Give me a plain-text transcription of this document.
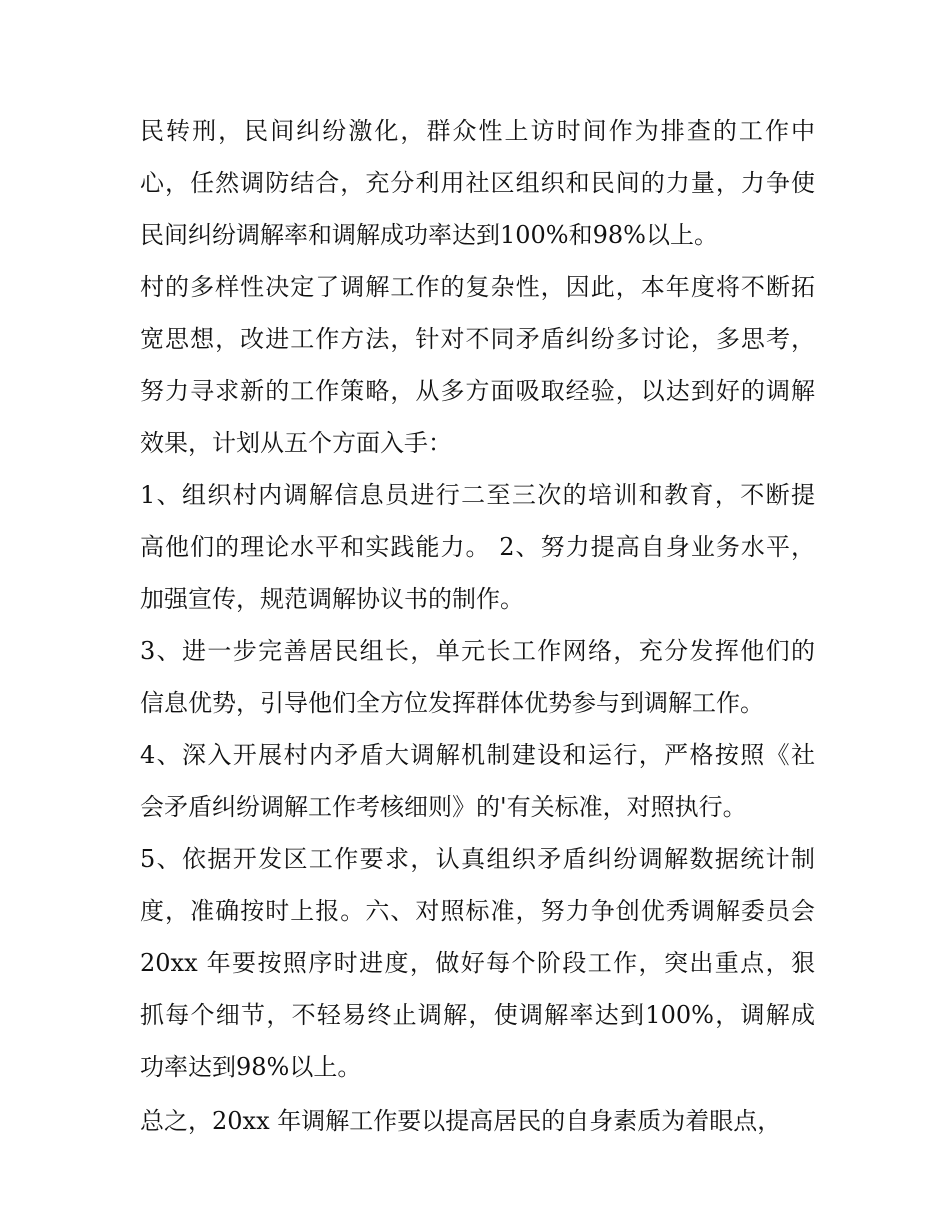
民转刑，民间纠纷激化，群众性上访时间作为排查的工作中
心，任然调防结合，充分利用社区组织和民间的力量，力争使
民间纠纷调解率和调解成功率达到100%和98%以上。
村的多样性决定了调解工作的复杂性，因此，本年度将不断拓
宽思想，改进工作方法，针对不同矛盾纠纷多讨论，多思考，
努力寻求新的工作策略，从多方面吸取经验，以达到好的调解
效果，计划从五个方面入手：
1、组织村内调解信息员进行二至三次的培训和教育，不断提
高他们的理论水平和实践能力。 2、努力提高自身业务水平，
加强宣传，规范调解协议书的制作。
3、进一步完善居民组长，单元长工作网络，充分发挥他们的
信息优势，引导他们全方位发挥群体优势参与到调解工作。
4、深入开展村内矛盾大调解机制建设和运行，严格按照《社
会矛盾纠纷调解工作考核细则》的'有关标准，对照执行。
5、依据开发区工作要求，认真组织矛盾纠纷调解数据统计制
度，准确按时上报。六、对照标准，努力争创优秀调解委员会
20xx 年要按照序时进度，做好每个阶段工作，突出重点，狠
抓每个细节，不轻易终止调解，使调解率达到100%，调解成
功率达到98%以上。
总之，20xx 年调解工作要以提高居民的自身素质为着眼点，
